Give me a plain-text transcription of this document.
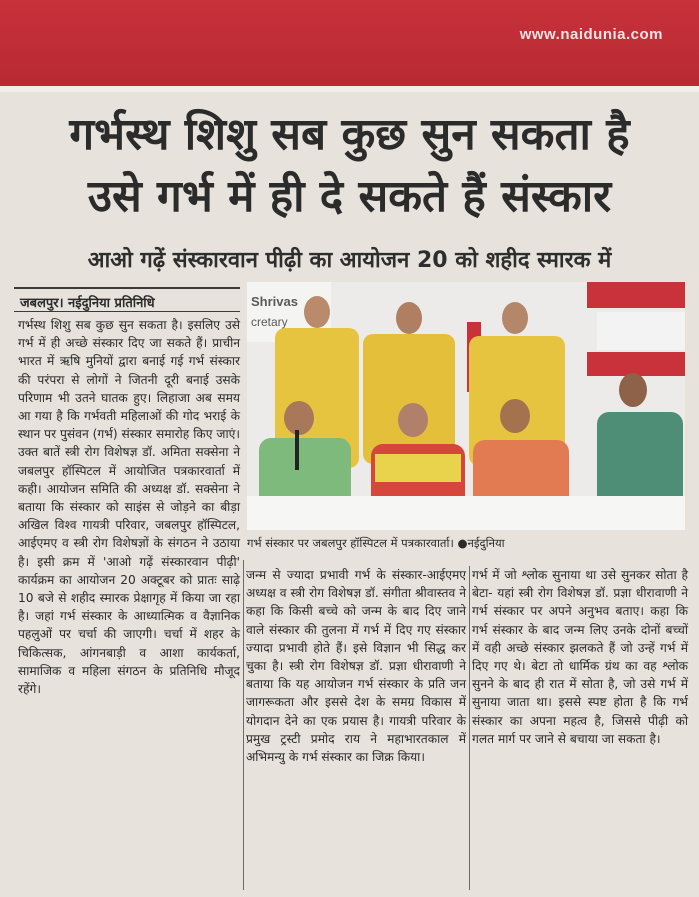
www.naidunia.com
गर्भस्थ शिशु सब कुछ सुन सकता है
उसे गर्भ में ही दे सकते हैं संस्कार
आओ गढ़ें संस्कारवान पीढ़ी का आयोजन 20 को शहीद स्मारक में
जबलपुर। नईदुनिया प्रतिनिधि

गर्भस्थ शिशु सब कुछ सुन सकता है। इसलिए उसे गर्भ में ही अच्छे संस्कार दिए जा सकते हैं। प्राचीन भारत में ऋषि मुनियों द्वारा बनाई गई गर्भ संस्कार की परंपरा से लोगों ने जितनी दूरी बनाई उसके परिणाम भी उतने घातक हुए। लिहाजा अब समय आ गया है कि गर्भवती महिलाओं की गोद भराई के स्थान पर पुसंवन (गर्भ) संस्कार समारोह किए जाएं। उक्त बातें स्त्री रोग विशेषज्ञ डॉ. अमिता सक्सेना ने जबलपुर हॉस्पिटल में आयोजित पत्रकारवार्ता में कही। आयोजन समिति की अध्यक्ष डॉ. सक्सेना ने बताया कि संस्कार को साइंस से जोड़ने का बीड़ा अखिल विश्व गायत्री परिवार, जबलपुर हॉस्पिटल, आईएमए व स्त्री रोग विशेषज्ञों के संगठन ने उठाया है। इसी क्रम में 'आओ गढ़ें संस्कारवान पीढ़ी' कार्यक्रम का आयोजन 20 अक्टूबर को प्रातः साढ़े 10 बजे से शहीद स्मारक प्रेक्षागृह में किया जा रहा है। जहां गर्भ संस्कार के आध्यात्मिक व वैज्ञानिक पहलुओं पर चर्चा की जाएगी। चर्चा में शहर के चिकित्सक, आंगनबाड़ी व आशा कार्यकर्ता, सामाजिक व महिला संगठन के प्रतिनिधि मौजूद रहेंगे।

Shrivas
cretary
गर्भ संस्कार पर जबलपुर हॉस्पिटल में पत्रकारवार्ता। ●नईदुनिया

जन्म से ज्यादा प्रभावी गर्भ के संस्कार-आईएमए अध्यक्ष व स्त्री रोग विशेषज्ञ डॉ. संगीता श्रीवास्तव ने कहा कि किसी बच्चे को जन्म के बाद दिए जाने वाले संस्कार की तुलना में गर्भ में दिए गए संस्कार ज्यादा प्रभावी होते हैं। इसे विज्ञान भी सिद्ध कर चुका है। स्त्री रोग विशेषज्ञ डॉ. प्रज्ञा धीरावाणी ने बताया कि यह आयोजन गर्भ संस्कार के प्रति जन जागरूकता और इससे देश के समग्र विकास में योगदान देने का एक प्रयास है। गायत्री परिवार के प्रमुख ट्रस्टी प्रमोद राय ने महाभारतकाल में अभिमन्यु के गर्भ संस्कार का जिक्र किया।

गर्भ में जो श्लोक सुनाया था उसे सुनकर सोता है बेटा- यहां स्त्री रोग विशेषज्ञ डॉ. प्रज्ञा धीरावाणी ने गर्भ संस्कार पर अपने अनुभव बताए। कहा कि गर्भ संस्कार के बाद जन्म लिए उनके दोनों बच्चों में वही अच्छे संस्कार झलकते हैं जो उन्हें गर्भ में दिए गए थे। बेटा तो धार्मिक ग्रंथ का वह श्लोक सुनने के बाद ही रात में सोता है, जो उसे गर्भ में सुनाया जाता था। इससे स्पष्ट होता है कि गर्भ संस्कार का अपना महत्व है, जिससे पीढ़ी को गलत मार्ग पर जाने से बचाया जा सकता है।
